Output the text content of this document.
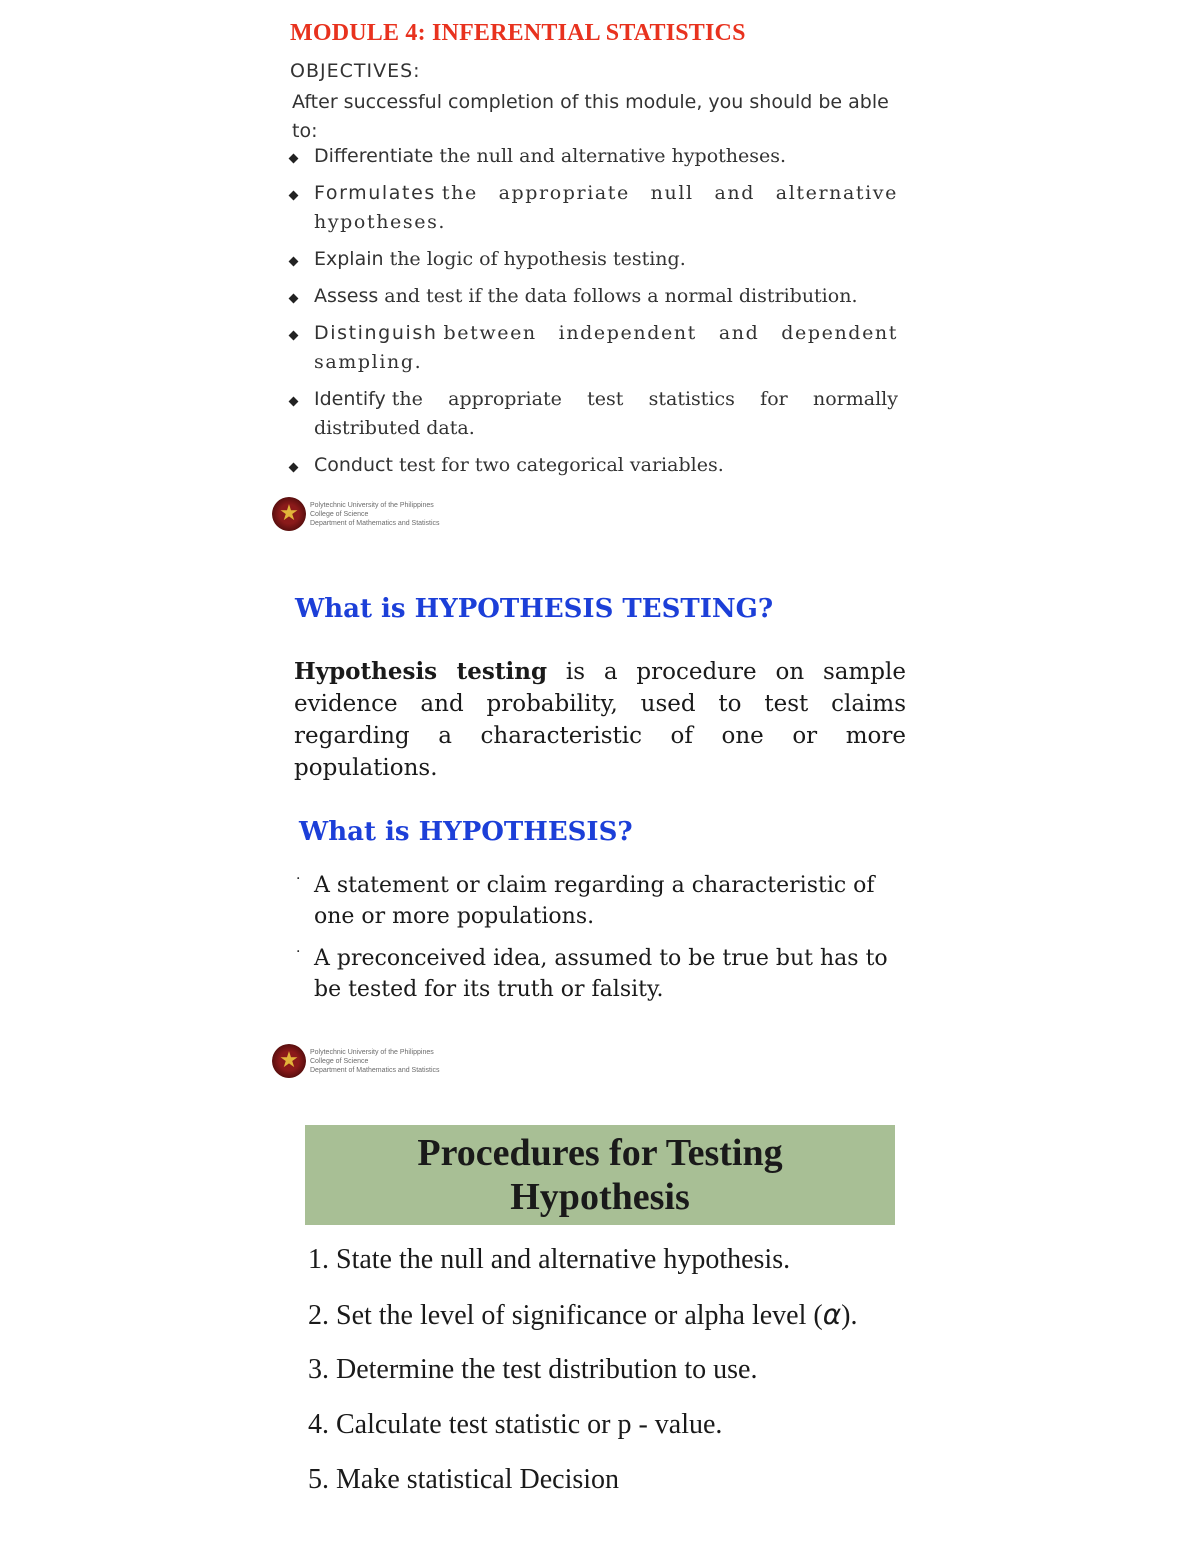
MODULE 4: INFERENTIAL STATISTICS

OBJECTIVES:

After successful completion of this module, you should be able to:

Differentiate the null and alternative hypotheses.
Formulates the appropriate null and alternative hypotheses.
Explain the logic of hypothesis testing.
Assess and test if the data follows a normal distribution.
Distinguish between independent and dependent sampling.
Identify the appropriate test statistics for normally distributed data.
Conduct test for two categorical variables.
★	Polytechnic University of the Philippines
College of Science
Department of Mathematics and Statistics
What is HYPOTHESIS TESTING?

Hypothesis testing is a procedure on sample evidence and probability, used to test claims regarding a characteristic of one or more populations.

What is HYPOTHESIS?
· A statement or claim regarding a characteristic of one or more populations.
· A preconceived idea, assumed to be true but has to be tested for its truth or falsity.
★	Polytechnic University of the Philippines
College of Science
Department of Mathematics and Statistics
Procedures for Testing Hypothesis
1. State the null and alternative hypothesis.
2. Set the level of significance or alpha level (α).
3. Determine the test distribution to use.
4. Calculate test statistic or p - value.
5. Make statistical Decision
